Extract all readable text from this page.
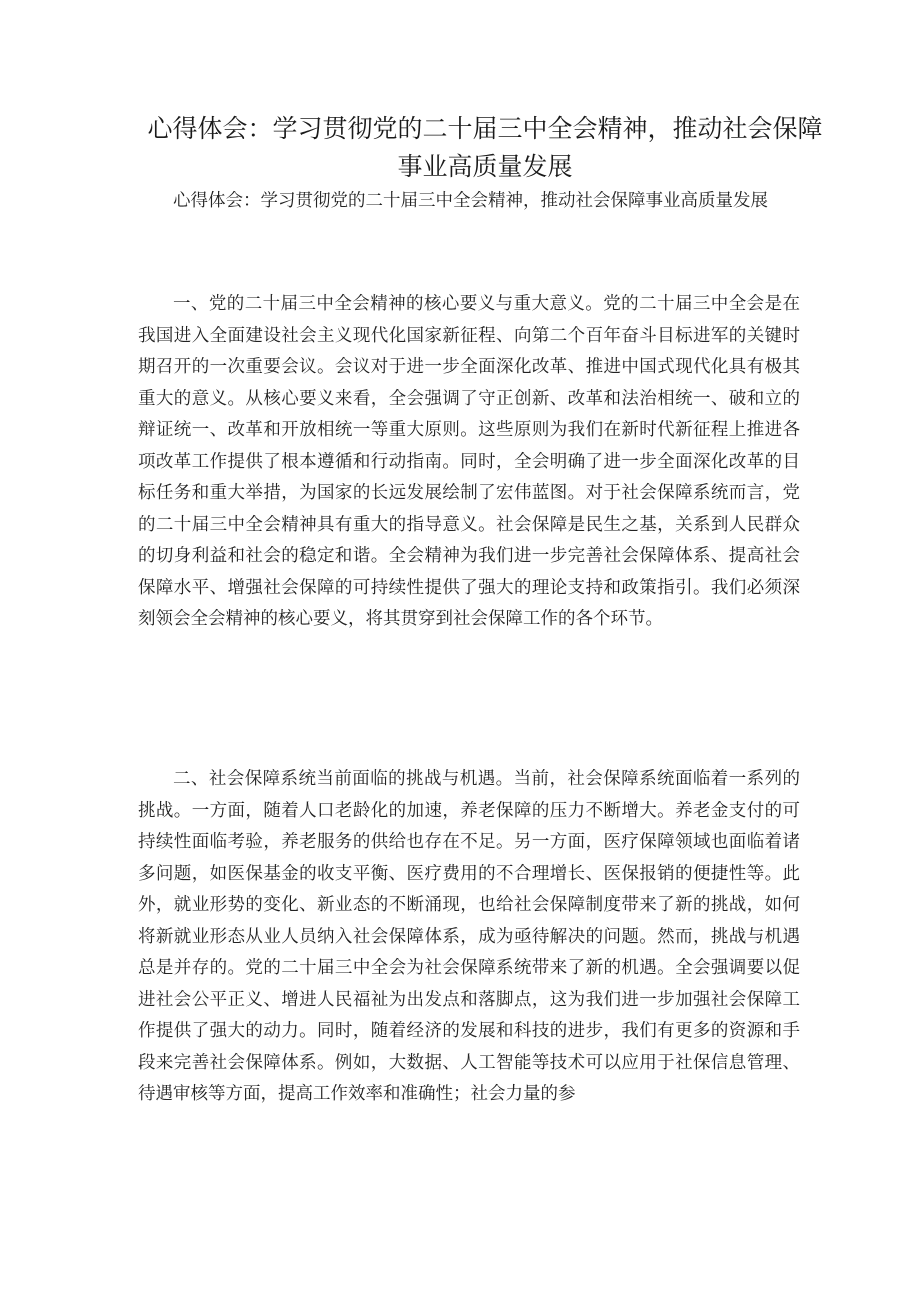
心得体会：学习贯彻党的二十届三中全会精神，推动社会保障事业高质量发展

心得体会：学习贯彻党的二十届三中全会精神，推动社会保障事业高质量发展

一、党的二十届三中全会精神的核心要义与重大意义。党的二十届三中全会是在我国进入全面建设社会主义现代化国家新征程、向第二个百年奋斗目标进军的关键时期召开的一次重要会议。会议对于进一步全面深化改革、推进中国式现代化具有极其重大的意义。从核心要义来看，全会强调了守正创新、改革和法治相统一、破和立的辩证统一、改革和开放相统一等重大原则。这些原则为我们在新时代新征程上推进各项改革工作提供了根本遵循和行动指南。同时，全会明确了进一步全面深化改革的目标任务和重大举措，为国家的长远发展绘制了宏伟蓝图。对于社会保障系统而言，党的二十届三中全会精神具有重大的指导意义。社会保障是民生之基，关系到人民群众的切身利益和社会的稳定和谐。全会精神为我们进一步完善社会保障体系、提高社会保障水平、增强社会保障的可持续性提供了强大的理论支持和政策指引。我们必须深刻领会全会精神的核心要义，将其贯穿到社会保障工作的各个环节。

二、社会保障系统当前面临的挑战与机遇。当前，社会保障系统面临着一系列的挑战。一方面，随着人口老龄化的加速，养老保障的压力不断增大。养老金支付的可持续性面临考验，养老服务的供给也存在不足。另一方面，医疗保障领域也面临着诸多问题，如医保基金的收支平衡、医疗费用的不合理增长、医保报销的便捷性等。此外，就业形势的变化、新业态的不断涌现，也给社会保障制度带来了新的挑战，如何将新就业形态从业人员纳入社会保障体系，成为亟待解决的问题。然而，挑战与机遇总是并存的。党的二十届三中全会为社会保障系统带来了新的机遇。全会强调要以促进社会公平正义、增进人民福祉为出发点和落脚点，这为我们进一步加强社会保障工作提供了强大的动力。同时，随着经济的发展和科技的进步，我们有更多的资源和手段来完善社会保障体系。例如，大数据、人工智能等技术可以应用于社保信息管理、待遇审核等方面，提高工作效率和准确性；社会力量的参
